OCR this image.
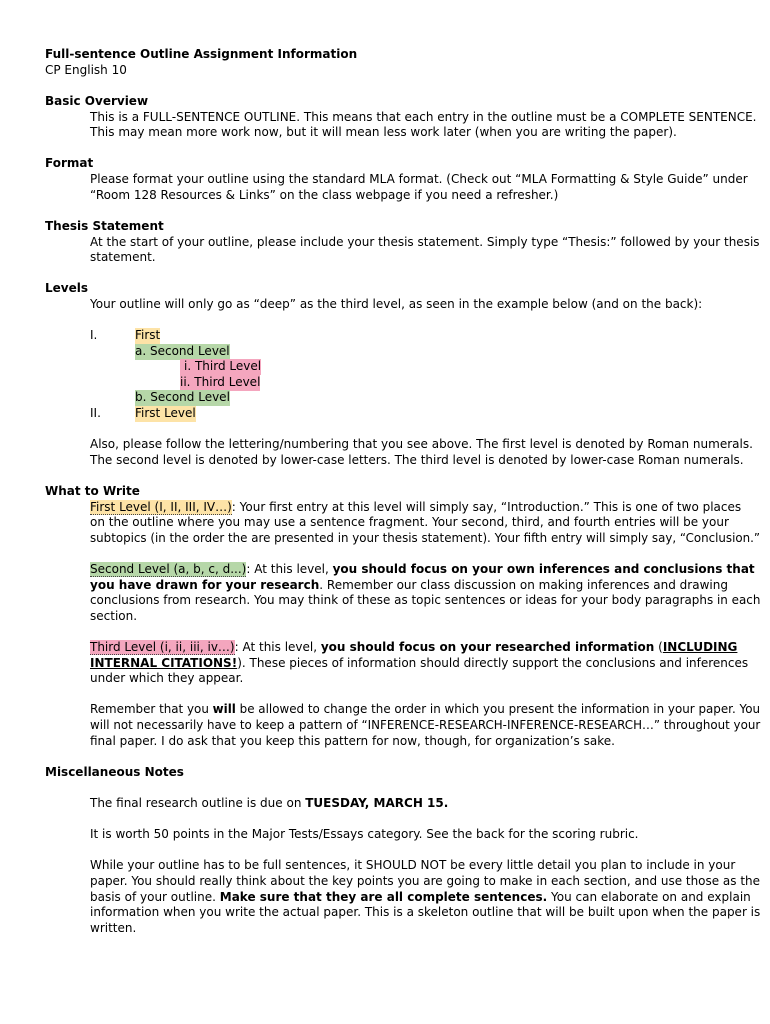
Full-sentence Outline Assignment Information
CP English 10
Basic Overview
This is a FULL-SENTENCE OUTLINE. This means that each entry in the outline must be a COMPLETE SENTENCE.
This may mean more work now, but it will mean less work later (when you are writing the paper).
Format
Please format your outline using the standard MLA format. (Check out “MLA Formatting & Style Guide” under
“Room 128 Resources & Links” on the class webpage if you need a refresher.)
Thesis Statement
At the start of your outline, please include your thesis statement. Simply type “Thesis:” followed by your thesis
statement.
Levels
Your outline will only go as “deep” as the third level, as seen in the example below (and on the back):
I.	First
a. Second Level
i. Third Level
ii. Third Level
b. Second Level
II.	First Level
Also, please follow the lettering/numbering that you see above. The first level is denoted by Roman numerals.
The second level is denoted by lower-case letters. The third level is denoted by lower-case Roman numerals.
What to Write
First Level (I, II, III, IV…): Your first entry at this level will simply say, “Introduction.” This is one of two places
on the outline where you may use a sentence fragment. Your second, third, and fourth entries will be your
subtopics (in the order the are presented in your thesis statement). Your fifth entry will simply say, “Conclusion.”
Second Level (a, b, c, d...): At this level, you should focus on your own inferences and conclusions that
you have drawn for your research. Remember our class discussion on making inferences and drawing
conclusions from research. You may think of these as topic sentences or ideas for your body paragraphs in each
section.
Third Level (i, ii, iii, iv…): At this level, you should focus on your researched information (INCLUDING
INTERNAL CITATIONS!). These pieces of information should directly support the conclusions and inferences
under which they appear.
Remember that you will be allowed to change the order in which you present the information in your paper. You
will not necessarily have to keep a pattern of “INFERENCE-RESEARCH-INFERENCE-RESEARCH…” throughout your
final paper. I do ask that you keep this pattern for now, though, for organization’s sake.
Miscellaneous Notes
The final research outline is due on TUESDAY, MARCH 15.
It is worth 50 points in the Major Tests/Essays category. See the back for the scoring rubric.
While your outline has to be full sentences, it SHOULD NOT be every little detail you plan to include in your
paper. You should really think about the key points you are going to make in each section, and use those as the
basis of your outline. Make sure that they are all complete sentences. You can elaborate on and explain
information when you write the actual paper. This is a skeleton outline that will be built upon when the paper is
written.
